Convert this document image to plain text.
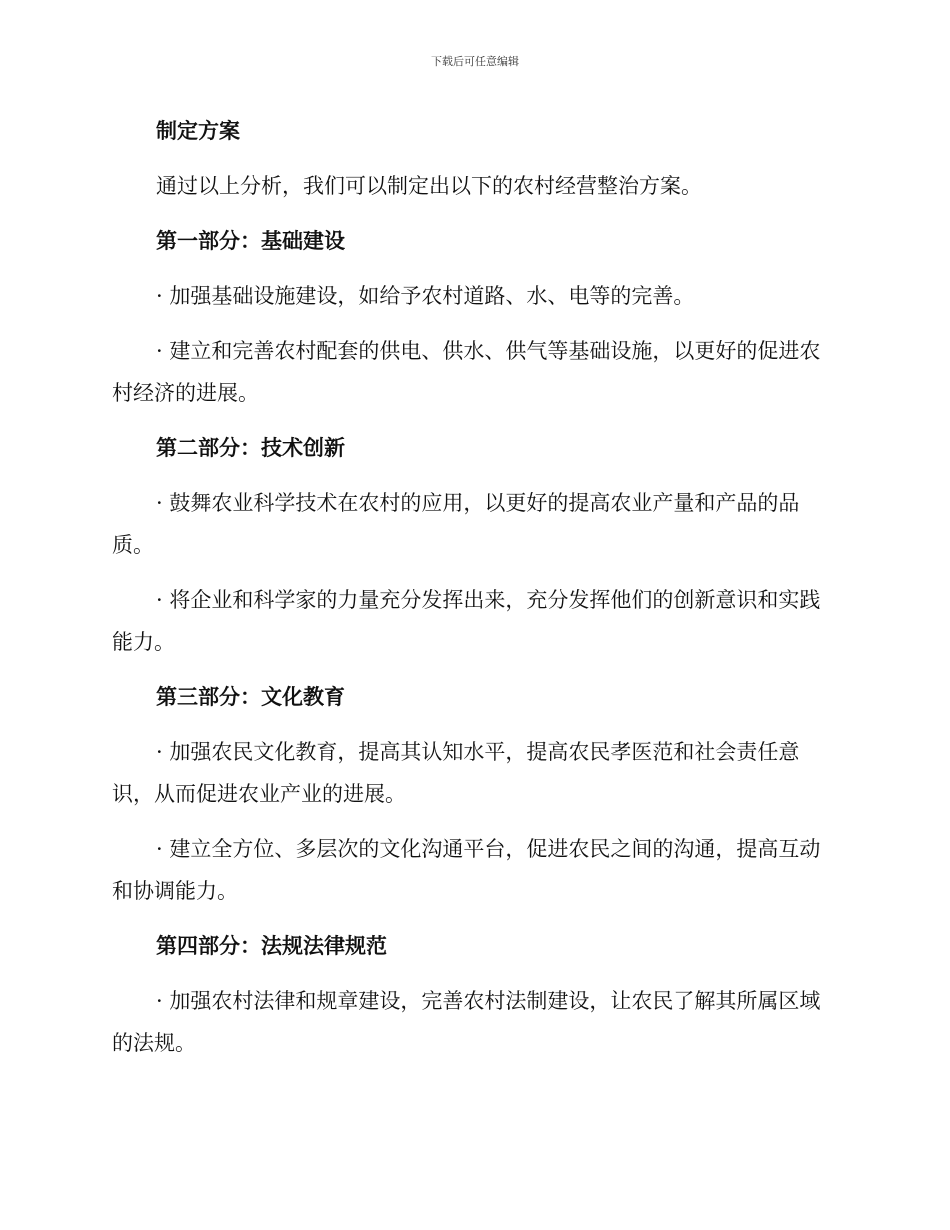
下载后可任意编辑
制定方案
通过以上分析，我们可以制定出以下的农村经营整治方案。
第一部分：基础建设
· 加强基础设施建设，如给予农村道路、水、电等的完善。
· 建立和完善农村配套的供电、供水、供气等基础设施，以更好的促进农村经济的进展。
第二部分：技术创新
· 鼓舞农业科学技术在农村的应用，以更好的提高农业产量和产品的品质。
· 将企业和科学家的力量充分发挥出来，充分发挥他们的创新意识和实践能力。
第三部分：文化教育
· 加强农民文化教育，提高其认知水平，提高农民孝医范和社会责任意识，从而促进农业产业的进展。
· 建立全方位、多层次的文化沟通平台，促进农民之间的沟通，提高互动和协调能力。
第四部分：法规法律规范
· 加强农村法律和规章建设，完善农村法制建设，让农民了解其所属区域的法规。
